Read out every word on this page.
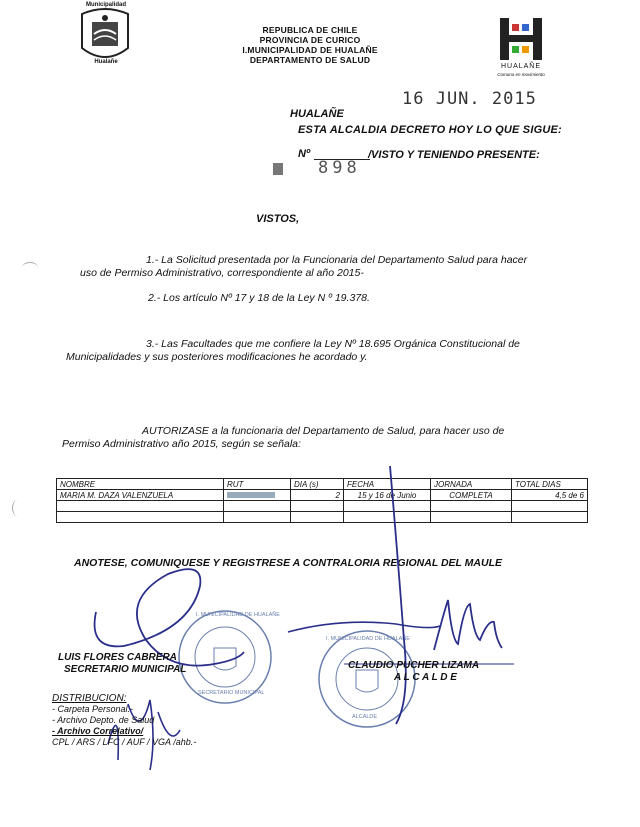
Municipalidad
Hualañe
REPUBLICA DE CHILE
PROVINCIA DE CURICO
I.MUNICIPALIDAD DE HUALAÑE
DEPARTAMENTO DE SALUD
HUALAÑE
Comuna en movimiento
16 JUN. 2015
HUALAÑE
ESTA ALCALDIA DECRETO HOY LO QUE SIGUE:
Nº	/VISTO Y TENIENDO PRESENTE:
898
VISTOS,
1.- La Solicitud presentada por la Funcionaria del Departamento Salud para hacer
uso de Permiso Administrativo, correspondiente al año 2015-
2.- Los artículo Nº 17 y 18 de la Ley N º 19.378.
3.- Las Facultades que me confiere la Ley Nº 18.695 Orgánica Constitucional de
Municipalidades y sus posteriores modificaciones he acordado y.
AUTORIZASE a la funcionaria del Departamento de Salud, para hacer uso de
Permiso Administrativo año 2015, según se señala:
NOMBRE	RUT	DIA (s)	FECHA	JORNADA	TOTAL DIAS
MARIA M. DAZA VALENZUELA		2	15 y 16 de Junio	COMPLETA	4,5 de 6

ANOTESE, COMUNIQUESE Y REGISTRESE A CONTRALORIA REGIONAL DEL MAULE
I. MUNICIPALIDAD DE HUALAÑE
SECRETARIO MUNICIPAL
I. MUNICIPALIDAD DE HUALAÑE
ALCALDE
LUIS FLORES CABRERA
SECRETARIO MUNICIPAL	CLAUDIO PUCHER LIZAMA
A L C A L D E
DISTRIBUCION:
- Carpeta Personal.-
- Archivo Depto. de Salud
- Archivo Correlativo/
CPL / ARS / LFC / AUF / VGA /ahb.-
